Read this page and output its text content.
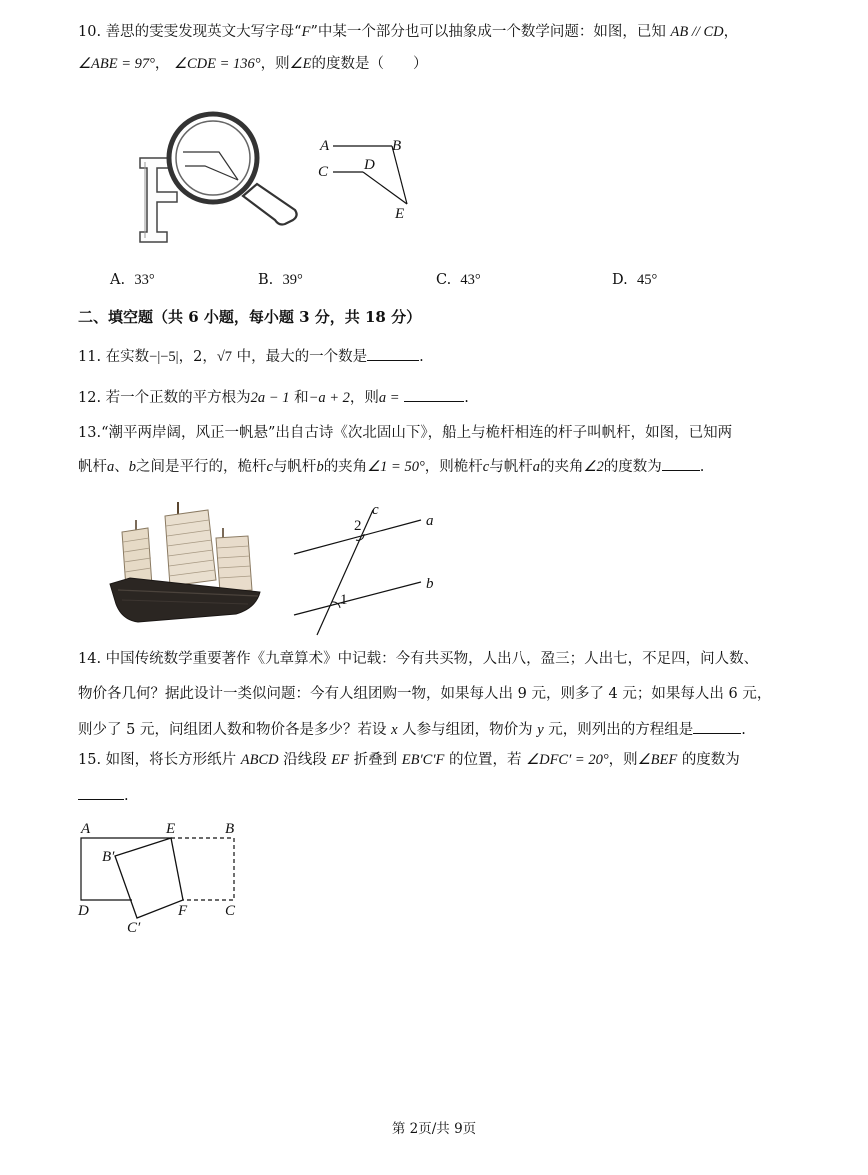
10. 善思的雯雯发现英文大写字母“F”中某一个部分也可以抽象成一个数学问题：如图，已知 AB // CD，
∠ABE = 97°， ∠CDE = 136°，则∠E的度数是（　　）
A	B
C D
E
A. 33°	B. 39°	C. 43°	D. 45°
二、填空题（共 6 小题，每小题 3 分，共 18 分）
11. 在实数−|−5|，2，√7 中，最大的一个数是	.
12. 若一个正数的平方根为2a − 1 和−a + 2，则a =	.
13.“潮平两岸阔，风正一帆悬”出自古诗《次北固山下》，船上与桅杆相连的杆子叫帆杆，如图，已知两
帆杆a、b之间是平行的，桅杆c与帆杆b的夹角∠1 = 50°，则桅杆c与帆杆a的夹角∠2的度数为	.
c
a
b
2
1
14. 中国传统数学重要著作《九章算术》中记载：今有共买物，人出八，盈三；人出七，不足四，问人数、
物价各几何？据此设计一类似问题：今有人组团购一物，如果每人出 9 元，则多了 4 元；如果每人出 6 元，
则少了 5 元，问组团人数和物价各是多少？若设 x 人参与组团，物价为 y 元，则列出的方程组是	.
15. 如图，将长方形纸片 ABCD 沿线段 EF 折叠到 EB′C′F 的位置，若 ∠DFC′ = 20°，则∠BEF 的度数为
.
A	E	B
B′
D	F	C
C′
第 2页/共 9页
